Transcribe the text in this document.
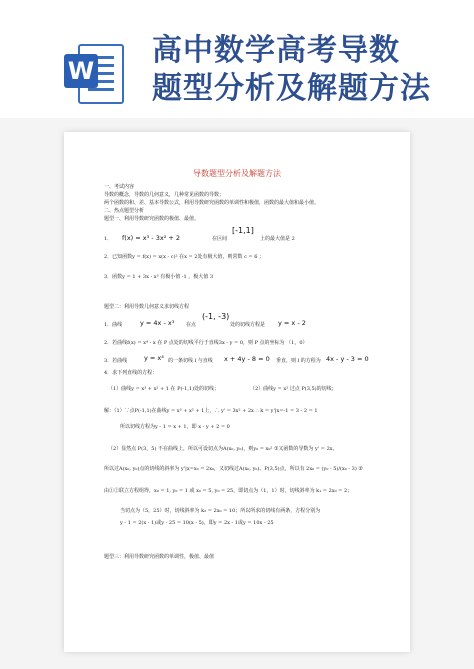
W
高中数学高考导数
题型分析及解题方法
导数题型分析及解题方法
一、考试内容
导数的概念，导数的几何意义，几种常见函数的导数；
两个函数的和、差、基本导数公式，利用导数研究函数的单调性和极值，函数的最大值和最小值。
二、热点题型分析
题型一、利用导数研究函数的极值、最值。
1． f(x) = x³ - 3x² + 2	在区间
[-1,1]
上的最大值是 2
2．已知函数y = f(x) = x(x - c)² 在x = 2处有极大值，则常数 c = 6 ；
3．函数y = 1 + 3x - x³ 有极小值 -1 ，极大值 3
题型二：利用导数几何意义求切线方程
1．曲线	y = 4x - x³ 在点
(-1, -3)
处的切线方程是 y = x - 2
2．若曲线f(x) = x⁴ - x 在 P 点处的切线平行于直线3x - y = 0，则 P 点的坐标为 （1，0）
3．若曲线	y = x⁴ 的一条切线 l 与直线 x + 4y - 8 = 0 垂直，则 l 的方程为 4x - y - 3 = 0
4．求下列直线的方程：
（1）曲线y = x³ + x² + 1 在 P(-1,1)处的切线；	（2）曲线y = x² 过点 P(3,5)的切线；
解：（1）∵点P(-1,1)在曲线y = x³ + x² + 1上，∴ y' = 3x² + 2x ∴ k = y'|x=-1 = 3 - 2 = 1
所以切线方程为y - 1 = x + 1，即 x - y + 2 = 0
（2）显然点 P(3，5) 不在曲线上，所以可设切点为A(x₀, y₀)，则y₀ = x₀² ①又函数的导数为 y' = 2x，
所以过A(x₀, y₀)点的切线的斜率为 y'|x=x₀ = 2x₀，又切线过A(x₀, y₀)、P(3,5)点，所以有 2x₀ = (y₀ - 5)/(x₀ - 3) ②
由①②联立方程组得，x₀ = 1, y₀ = 1 或 x₀ = 5, y₀ = 25，即切点为（1，1）时，切线斜率为 k₁ = 2x₀ = 2；
当切点为（5，25）时，切线斜率为 k₂ = 2x₀ = 10；所以所求的切线有两条，方程分别为
y - 1 = 2(x - 1)或y - 25 = 10(x - 5)，即y = 2x - 1或y = 10x - 25
题型三：利用导数研究函数的单调性，极值、最值
